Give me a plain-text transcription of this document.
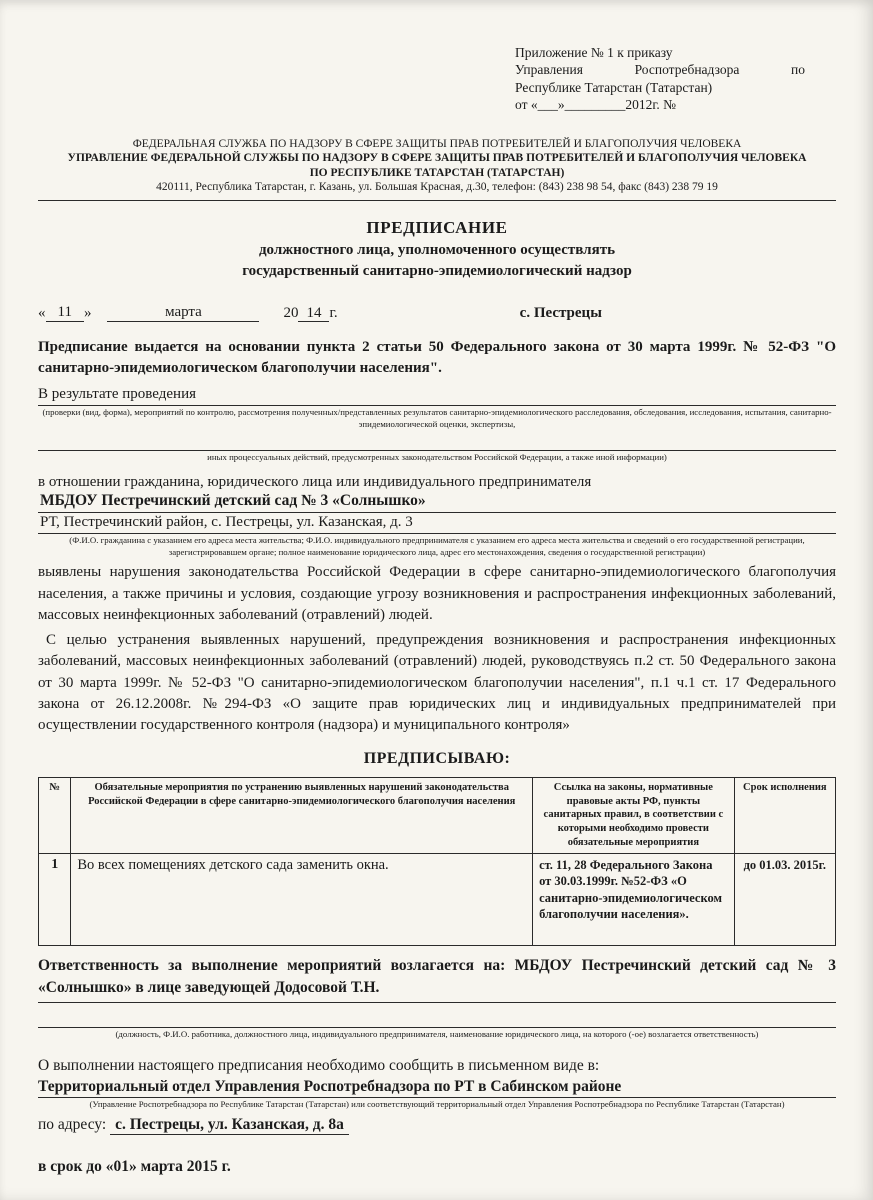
Приложение № 1 к приказу
Управления Роспотребнадзора по
Республике Татарстан (Татарстан)
от «___»_________2012г. №
ФЕДЕРАЛЬНАЯ СЛУЖБА ПО НАДЗОРУ В СФЕРЕ ЗАЩИТЫ ПРАВ ПОТРЕБИТЕЛЕЙ И БЛАГОПОЛУЧИЯ ЧЕЛОВЕКА
УПРАВЛЕНИЕ ФЕДЕРАЛЬНОЙ СЛУЖБЫ ПО НАДЗОРУ В СФЕРЕ ЗАЩИТЫ ПРАВ ПОТРЕБИТЕЛЕЙ И БЛАГОПОЛУЧИЯ ЧЕЛОВЕКА
ПО РЕСПУБЛИКЕ ТАТАРСТАН (ТАТАРСТАН)
420111, Республика Татарстан, г. Казань, ул. Большая Красная, д.30, телефон: (843) 238 98 54, факс (843) 238 79 19
ПРЕДПИСАНИЕ
должностного лица, уполномоченного осуществлять
государственный санитарно-эпидемиологический надзор
« 11 »	марта	20 14 г.	с. Пестрецы
Предписание выдается на основании пункта 2 статьи 50 Федерального закона от 30 марта 1999г. № 52-ФЗ "О санитарно-эпидемиологическом благополучии населения".
В результате проведения
(проверки (вид, форма), мероприятий по контролю, рассмотрения полученных/представленных результатов санитарно-эпидемиологического расследования, обследования, исследования, испытания, санитарно-эпидемиологической оценки, экспертизы,
иных процессуальных действий, предусмотренных законодательством Российской Федерации, а также иной информации)
в отношении гражданина, юридического лица или индивидуального предпринимателя
МБДОУ Пестречинский детский сад № 3 «Солнышко»
РТ, Пестречинский район, с. Пестрецы, ул. Казанская, д. 3
(Ф.И.О. гражданина с указанием его адреса места жительства; Ф.И.О. индивидуального предпринимателя с указанием его адреса места жительства и сведений о его государственной регистрации, зарегистрировавшем органе; полное наименование юридического лица, адрес его местонахождения, сведения о государственной регистрации)
выявлены нарушения законодательства Российской Федерации в сфере санитарно-эпидемиологического благополучия населения, а также причины и условия, создающие угрозу возникновения и распространения инфекционных заболеваний, массовых неинфекционных заболеваний (отравлений) людей.
С целью устранения выявленных нарушений, предупреждения возникновения и распространения инфекционных заболеваний, массовых неинфекционных заболеваний (отравлений) людей, руководствуясь п.2 ст. 50 Федерального закона от 30 марта 1999г. № 52-ФЗ "О санитарно-эпидемиологическом благополучии населения", п.1 ч.1 ст. 17 Федерального закона от 26.12.2008г. №294-ФЗ «О защите прав юридических лиц и индивидуальных предпринимателей при осуществлении государственного контроля (надзора) и муниципального контроля»
ПРЕДПИСЫВАЮ:
№	Обязательные мероприятия по устранению выявленных нарушений законодательства Российской Федерации в сфере санитарно-эпидемиологического благополучия населения	Ссылка на законы, нормативные правовые акты РФ, пункты санитарных правил, в соответствии с которыми необходимо провести обязательные мероприятия	Срок исполнения
1	Во всех помещениях детского сада заменить окна.	ст. 11, 28 Федерального Закона от 30.03.1999г. №52-ФЗ «О санитарно-эпидемиологическом благополучии населения».	до 01.03. 2015г.
Ответственность за выполнение мероприятий возлагается на: МБДОУ Пестречинский детский сад № 3 «Солнышко» в лице заведующей Додосовой Т.Н.
(должность, Ф.И.О. работника, должностного лица, индивидуального предпринимателя, наименование юридического лица, на которого (-ое) возлагается ответственность)
О выполнении настоящего предписания необходимо сообщить в письменном виде в:
Территориальный отдел Управления Роспотребнадзора по РТ в Сабинском районе
(Управление Роспотребнадзора по Республике Татарстан (Татарстан) или соответствующий территориальный отдел Управления Роспотребнадзора по Республике Татарстан (Татарстан)
по адресу: с. Пестрецы, ул. Казанская, д. 8а
в срок до «01» марта 2015 г.
